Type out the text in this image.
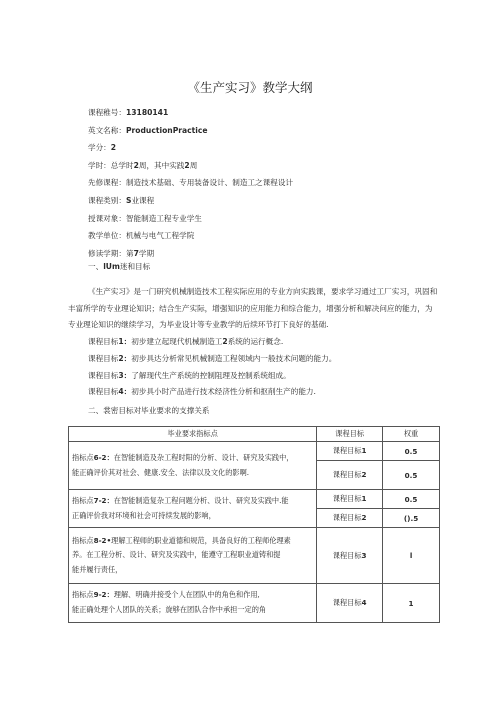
《生产实习》教学大纲
课程稚号：13180141
英文名称：ProductionPractice
学分：2
学时：总学时2周，其中实践2周
先修课程：制造技术基础、专用装备设计、制造工之课程设计
课程类别：S业课程
授课对象：智能制造工程专业学生
教学单位：机械与电气工程学院
修读学期：第7学期
一、lUm迷和目标
《生产实习》是一门研究机械制造技术工程实际应用的专业方向实践课，要求学习通过工厂实习，巩固和丰富所学的专业理论知识；结合生产实际，增强知识的应用能力和综合能力，增强分析和解决问应的能力，为专业理论知识的继续学习，为毕业设计等专业教学的后续环节打下良好的基础.
课程目标1：初步建立起现代机械制造工2系统的运行概念.
课程目标2：初步具达分析常见机械制造工程领域内一般技术问题的能力。
课程目标3：了解现代生产系统的控制阻理及控制系统组成。
课程目标4：初步具小时产品进行技术经济性分析和抠削生产的能力.
二、裳密目标对毕业要求的支撑关系
毕业要求指标点	课程目标	权重
指标点6-2：在智能制造及杂工程时阳的分析、设计、研究及实践中，
能正确评价其对社会、健康.安全、法律以及文化的影啊.	课程目标1	0.5
	课程目标2	0.5
指标点7-2：在智能制造复杂工程问题分析、设计、研究及实践中.能
正确评价我对环境和社会可持续发展的影响，	课程目标1	0.5
	课程目标2	().5
指标点8-2•理解工程师的职业道德和规范，具备良好的工程师伦理素
养。在工程分析、设计、研究及实践中，能遵守工程职业道铸和提
能并履行责任，	课程目标3	l
指标点9-2：理解、明确并接受个人在团队中的角色和作用,
能正确处理个人团队的关系；旋够在团队合作中承担一定的角	课程目标4	1
